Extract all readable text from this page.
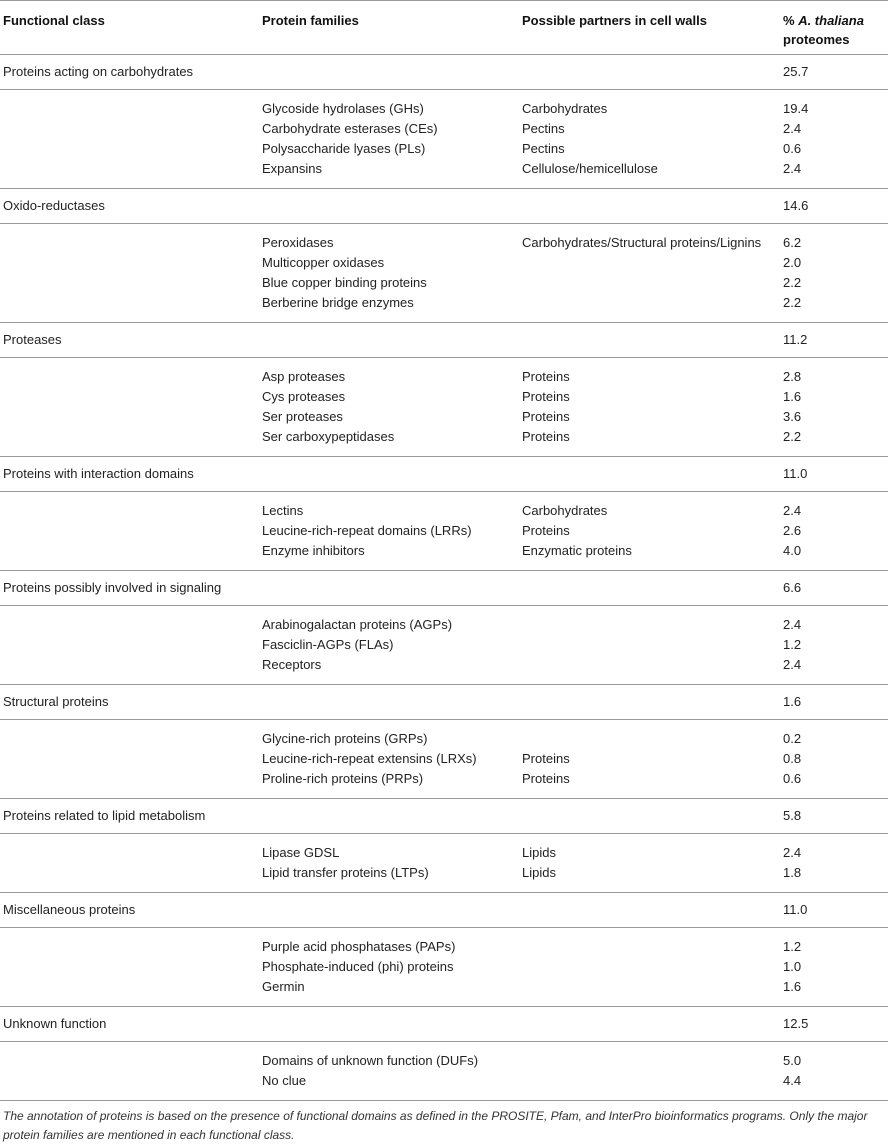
Functional class	Protein families	Possible partners in cell walls	% A. thaliana
proteomes
Proteins acting on carbohydrates			25.7
	Glycoside hydrolases (GHs)	Carbohydrates	19.4
	Carbohydrate esterases (CEs)	Pectins	2.4
	Polysaccharide lyases (PLs)	Pectins	0.6
	Expansins	Cellulose/hemicellulose	2.4
Oxido-reductases			14.6
	Peroxidases	Carbohydrates/Structural proteins/Lignins	6.2
	Multicopper oxidases		2.0
	Blue copper binding proteins		2.2
	Berberine bridge enzymes		2.2
Proteases			11.2
	Asp proteases	Proteins	2.8
	Cys proteases	Proteins	1.6
	Ser proteases	Proteins	3.6
	Ser carboxypeptidases	Proteins	2.2
Proteins with interaction domains			11.0
	Lectins	Carbohydrates	2.4
	Leucine-rich-repeat domains (LRRs)	Proteins	2.6
	Enzyme inhibitors	Enzymatic proteins	4.0
Proteins possibly involved in signaling			6.6
	Arabinogalactan proteins (AGPs)		2.4
	Fasciclin-AGPs (FLAs)		1.2
	Receptors		2.4
Structural proteins			1.6
	Glycine-rich proteins (GRPs)		0.2
	Leucine-rich-repeat extensins (LRXs)	Proteins	0.8
	Proline-rich proteins (PRPs)	Proteins	0.6
Proteins related to lipid metabolism			5.8
	Lipase GDSL	Lipids	2.4
	Lipid transfer proteins (LTPs)	Lipids	1.8
Miscellaneous proteins			11.0
	Purple acid phosphatases (PAPs)		1.2
	Phosphate-induced (phi) proteins		1.0
	Germin		1.6
Unknown function			12.5
	Domains of unknown function (DUFs)		5.0
	No clue		4.4
The annotation of proteins is based on the presence of functional domains as defined in the PROSITE, Pfam, and InterPro bioinformatics programs. Only the major protein families are mentioned in each functional class.
